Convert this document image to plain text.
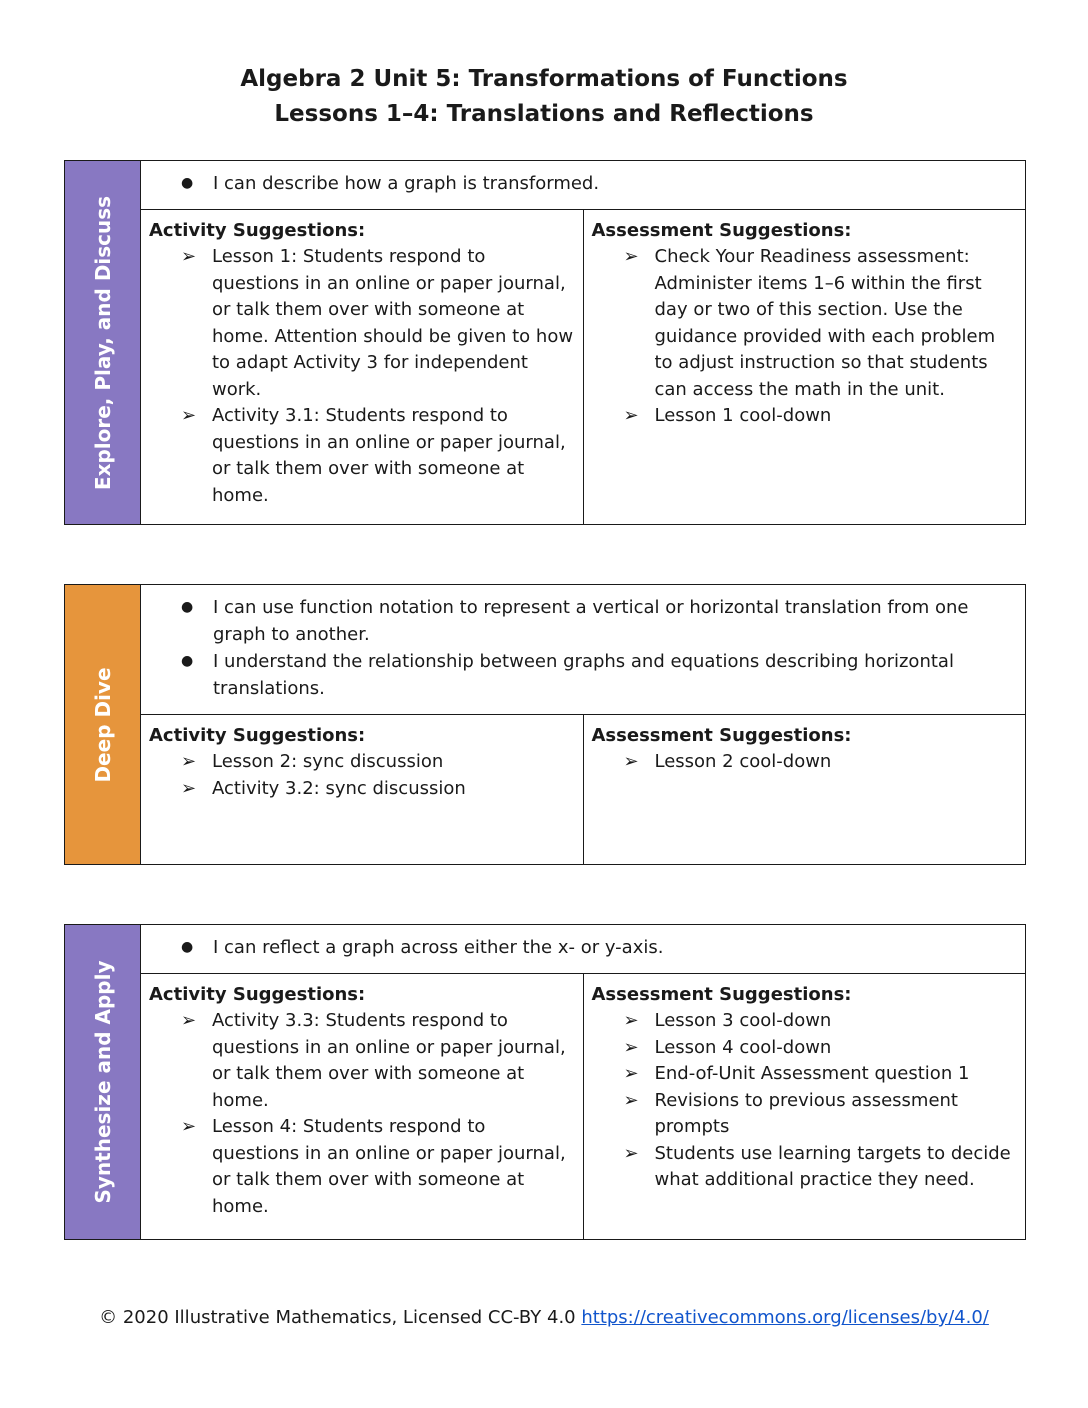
Algebra 2 Unit 5: Transformations of Functions
Lessons 1–4: Translations and Reflections
Explore, Play, and Discuss
● I can describe how a graph is transformed.
Activity Suggestions:
➢ Lesson 1: Students respond to questions in an online or paper journal, or talk them over with someone at home. Attention should be given to how to adapt Activity 3 for independent work.
➢ Activity 3.1: Students respond to questions in an online or paper journal, or talk them over with someone at home.
Assessment Suggestions:
➢ Check Your Readiness assessment: Administer items 1–6 within the first day or two of this section. Use the guidance provided with each problem to adjust instruction so that students can access the math in the unit.
➢ Lesson 1 cool-down
Deep Dive
● I can use function notation to represent a vertical or horizontal translation from one graph to another.
● I understand the relationship between graphs and equations describing horizontal translations.
Activity Suggestions:
➢ Lesson 2: sync discussion
➢ Activity 3.2: sync discussion
Assessment Suggestions:
➢ Lesson 2 cool-down
Synthesize and Apply
● I can reflect a graph across either the x- or y-axis.
Activity Suggestions:
➢ Activity 3.3: Students respond to questions in an online or paper journal, or talk them over with someone at home.
➢ Lesson 4: Students respond to questions in an online or paper journal, or talk them over with someone at home.
Assessment Suggestions:
➢ Lesson 3 cool-down
➢ Lesson 4 cool-down
➢ End-of-Unit Assessment question 1
➢ Revisions to previous assessment prompts
➢ Students use learning targets to decide what additional practice they need.
© 2020 Illustrative Mathematics, Licensed CC-BY 4.0 https://creativecommons.org/licenses/by/4.0/
